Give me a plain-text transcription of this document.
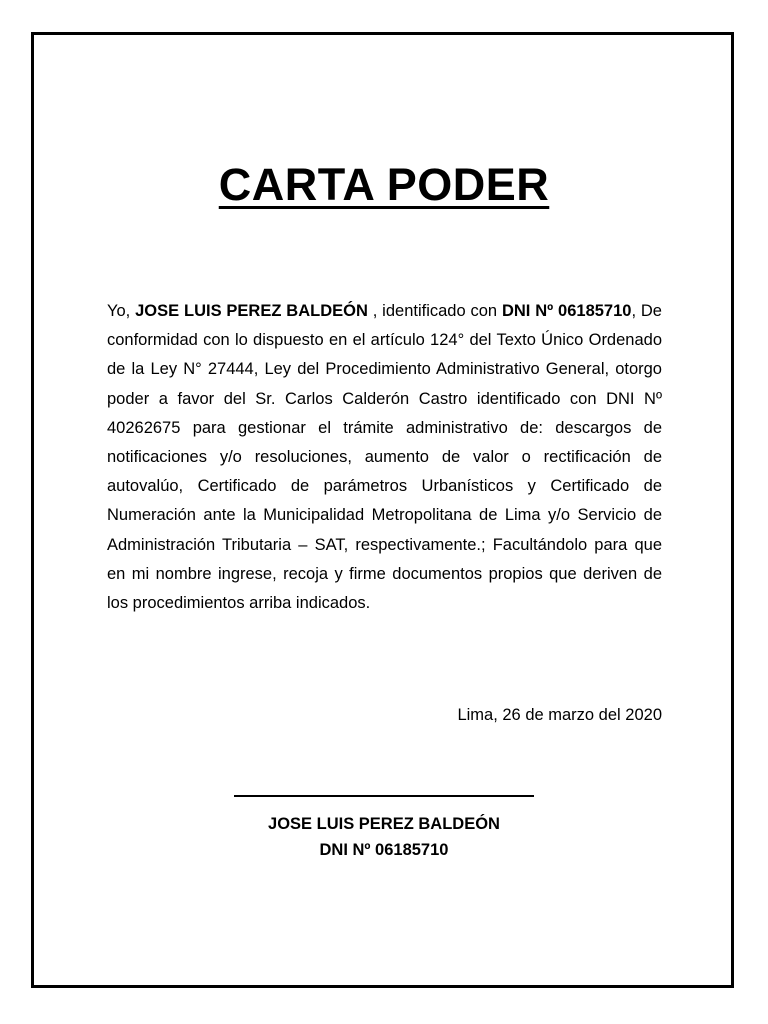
CARTA PODER
Yo, JOSE LUIS PEREZ BALDEÓN , identificado con DNI Nº 06185710, De conformidad con lo dispuesto en el artículo 124° del Texto Único Ordenado de la Ley N° 27444, Ley del Procedimiento Administrativo General, otorgo poder a favor del Sr. Carlos Calderón Castro identificado con DNI Nº 40262675 para gestionar el trámite administrativo de: descargos de notificaciones y/o resoluciones, aumento de valor o rectificación de autovalúo, Certificado de parámetros Urbanísticos y Certificado de Numeración ante la Municipalidad Metropolitana de Lima y/o Servicio de Administración Tributaria – SAT, respectivamente.; Facultándolo para que en mi nombre ingrese, recoja y firme documentos propios que deriven de los procedimientos arriba indicados.
Lima, 26 de marzo del 2020
JOSE LUIS PEREZ BALDEÓN
DNI Nº 06185710
